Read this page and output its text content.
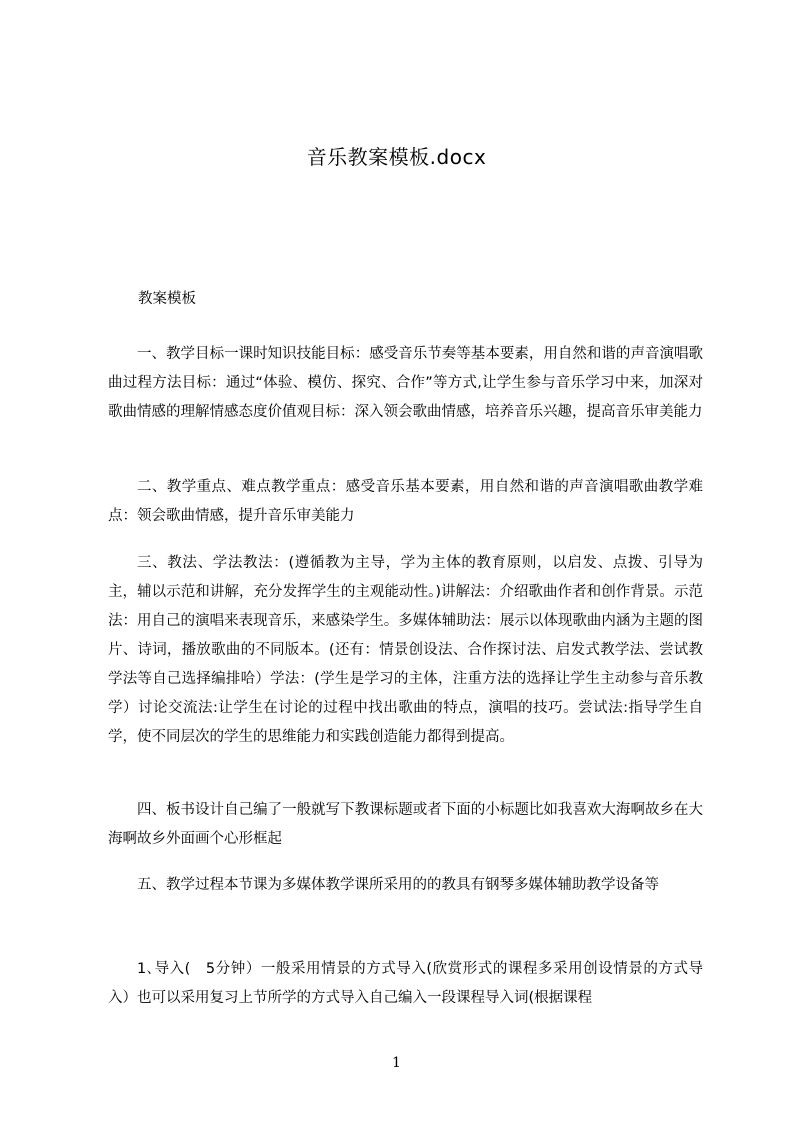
音乐教案模板.docx
教案模板

一、教学目标一课时知识技能目标：感受音乐节奏等基本要素，用自然和谐的声音演唱歌曲过程方法目标：通过“体验、模仿、探究、合作”等方式,让学生参与音乐学习中来，加深对歌曲情感的理解情感态度价值观目标：深入领会歌曲情感，培养音乐兴趣，提高音乐审美能力

二、教学重点、难点教学重点：感受音乐基本要素，用自然和谐的声音演唱歌曲教学难点：领会歌曲情感，提升音乐审美能力

三、教法、学法教法：(遵循教为主导，学为主体的教育原则，以启发、点拨、引导为主，辅以示范和讲解，充分发挥学生的主观能动性。)讲解法：介绍歌曲作者和创作背景。示范法：用自己的演唱来表现音乐，来感染学生。多媒体辅助法：展示以体现歌曲内涵为主题的图片、诗词，播放歌曲的不同版本。(还有：情景创设法、合作探讨法、启发式教学法、尝试教学法等自己选择编排哈）学法：(学生是学习的主体，注重方法的选择让学生主动参与音乐教学）讨论交流法:让学生在讨论的过程中找出歌曲的特点，演唱的技巧。尝试法:指导学生自学，使不同层次的学生的思维能力和实践创造能力都得到提高。

四、板书设计自己编了一般就写下教课标题或者下面的小标题比如我喜欢大海啊故乡在大海啊故乡外面画个心形框起

五、教学过程本节课为多媒体教学课所采用的的教具有钢琴多媒体辅助教学设备等

1､导入(　5分钟）一般采用情景的方式导入(欣赏形式的课程多采用创设情景的方式导入）也可以采用复习上节所学的方式导入自己编入一段课程导入词(根据课程

1
